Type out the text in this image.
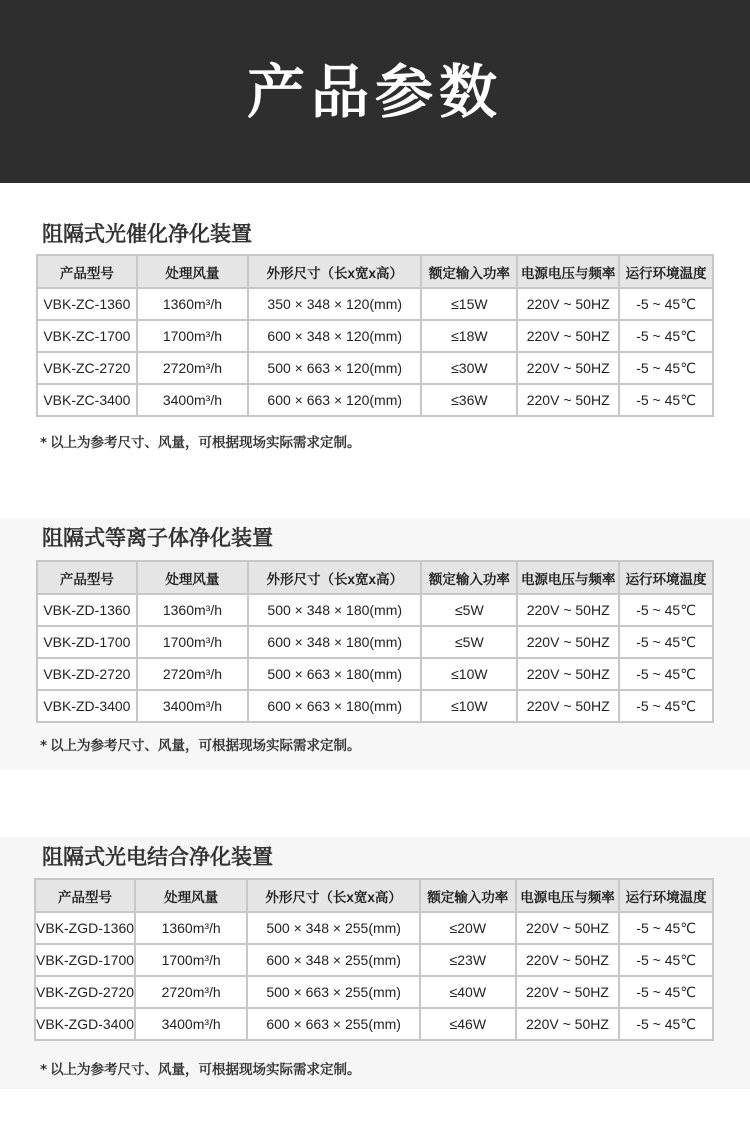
产品参数
阻隔式光催化净化装置
产品型号	处理风量	外形尺寸（长x宽x高）	额定输入功率	电源电压与频率	运行环境温度
VBK-ZC-1360	1360m³/h	350 × 348 × 120(mm)	≤15W	220V ~ 50HZ	-5 ~ 45℃
VBK-ZC-1700	1700m³/h	600 × 348 × 120(mm)	≤18W	220V ~ 50HZ	-5 ~ 45℃
VBK-ZC-2720	2720m³/h	500 × 663 × 120(mm)	≤30W	220V ~ 50HZ	-5 ~ 45℃
VBK-ZC-3400	3400m³/h	600 × 663 × 120(mm)	≤36W	220V ~ 50HZ	-5 ~ 45℃
* 以上为参考尺寸、风量，可根据现场实际需求定制。
阻隔式等离子体净化装置
产品型号	处理风量	外形尺寸（长x宽x高）	额定输入功率	电源电压与频率	运行环境温度
VBK-ZD-1360	1360m³/h	500 × 348 × 180(mm)	≤5W	220V ~ 50HZ	-5 ~ 45℃
VBK-ZD-1700	1700m³/h	600 × 348 × 180(mm)	≤5W	220V ~ 50HZ	-5 ~ 45℃
VBK-ZD-2720	2720m³/h	500 × 663 × 180(mm)	≤10W	220V ~ 50HZ	-5 ~ 45℃
VBK-ZD-3400	3400m³/h	600 × 663 × 180(mm)	≤10W	220V ~ 50HZ	-5 ~ 45℃
* 以上为参考尺寸、风量，可根据现场实际需求定制。
阻隔式光电结合净化装置
产品型号	处理风量	外形尺寸（长x宽x高）	额定输入功率	电源电压与频率	运行环境温度
VBK-ZGD-1360	1360m³/h	500 × 348 × 255(mm)	≤20W	220V ~ 50HZ	-5 ~ 45℃
VBK-ZGD-1700	1700m³/h	600 × 348 × 255(mm)	≤23W	220V ~ 50HZ	-5 ~ 45℃
VBK-ZGD-2720	2720m³/h	500 × 663 × 255(mm)	≤40W	220V ~ 50HZ	-5 ~ 45℃
VBK-ZGD-3400	3400m³/h	600 × 663 × 255(mm)	≤46W	220V ~ 50HZ	-5 ~ 45℃
* 以上为参考尺寸、风量，可根据现场实际需求定制。
